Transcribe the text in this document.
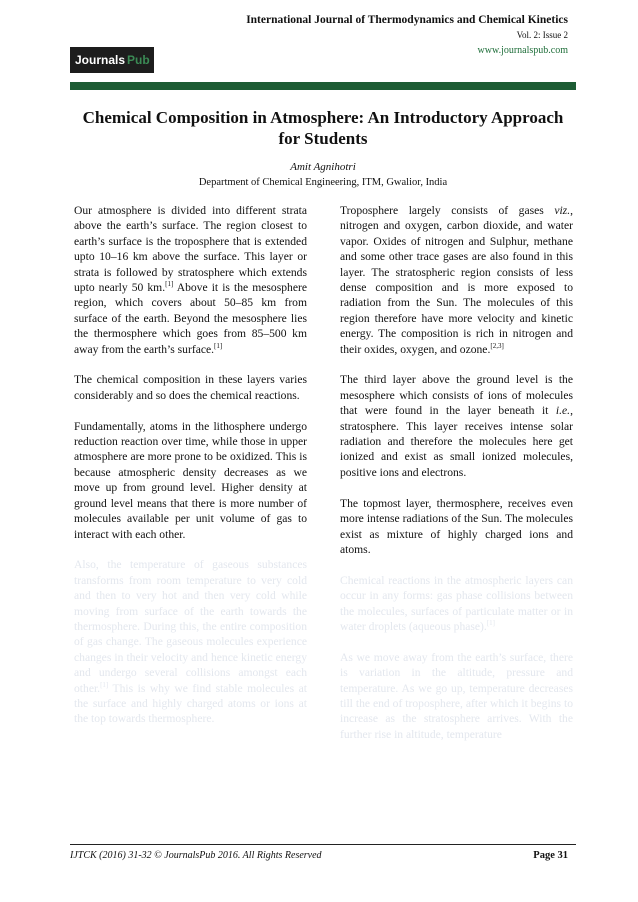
International Journal of Thermodynamics and Chemical Kinetics

Vol. 2: Issue 2
www.journalspub.com
Journals Pub
Chemical Composition in Atmosphere: An Introductory Approach for Students
Amit Agnihotri
Department of Chemical Engineering, ITM, Gwalior, India

Our atmosphere is divided into different strata above the earth’s surface. The region closest to earth’s surface is the troposphere that is extended upto 10–16 km above the surface. This layer or strata is followed by stratosphere which extends upto nearly 50 km.[1] Above it is the mesosphere region, which covers about 50–85 km from surface of the earth. Beyond the mesosphere lies the thermosphere which goes from 85–500 km away from the earth’s surface.[1]

The chemical composition in these layers varies considerably and so does the chemical reactions.

Fundamentally, atoms in the lithosphere undergo reduction reaction over time, while those in upper atmosphere are more prone to be oxidized. This is because atmospheric density decreases as we move up from ground level. Higher density at ground level means that there is more number of molecules available per unit volume of gas to interact with each other.

Also, the temperature of gaseous substances transforms from room temperature to very cold and then to very hot and then very cold while moving from surface of the earth towards the thermosphere. During this, the entire composition of gas change. The gaseous molecules experience changes in their velocity and hence kinetic energy and undergo several collisions amongst each other.[1] This is why we find stable molecules at the surface and highly charged atoms or ions at the top towards thermosphere.

Troposphere largely consists of gases viz., nitrogen and oxygen, carbon dioxide, and water vapor. Oxides of nitrogen and Sulphur, methane and some other trace gases are also found in this layer. The stratospheric region consists of less dense composition and is more exposed to radiation from the Sun. The molecules of this region therefore have more velocity and kinetic energy. The composition is rich in nitrogen and their oxides, oxygen, and ozone.[2,3]

The third layer above the ground level is the mesosphere which consists of ions of molecules that were found in the layer beneath it i.e., stratosphere. This layer receives intense solar radiation and therefore the molecules here get ionized and exist as small ionized molecules, positive ions and electrons.

The topmost layer, thermosphere, receives even more intense radiations of the Sun. The molecules exist as mixture of highly charged ions and atoms.

Chemical reactions in the atmospheric layers can occur in any forms: gas phase collisions between the molecules, surfaces of particulate matter or in water droplets (aqueous phase).[1]

As we move away from the earth’s surface, there is variation in the altitude, pressure and temperature. As we go up, temperature decreases till the end of troposphere, after which it begins to increase as the stratosphere arrives. With the further rise in altitude, temperature

IJTCK (2016) 31-32 © JournalsPub 2016. All Rights Reserved	Page 31
